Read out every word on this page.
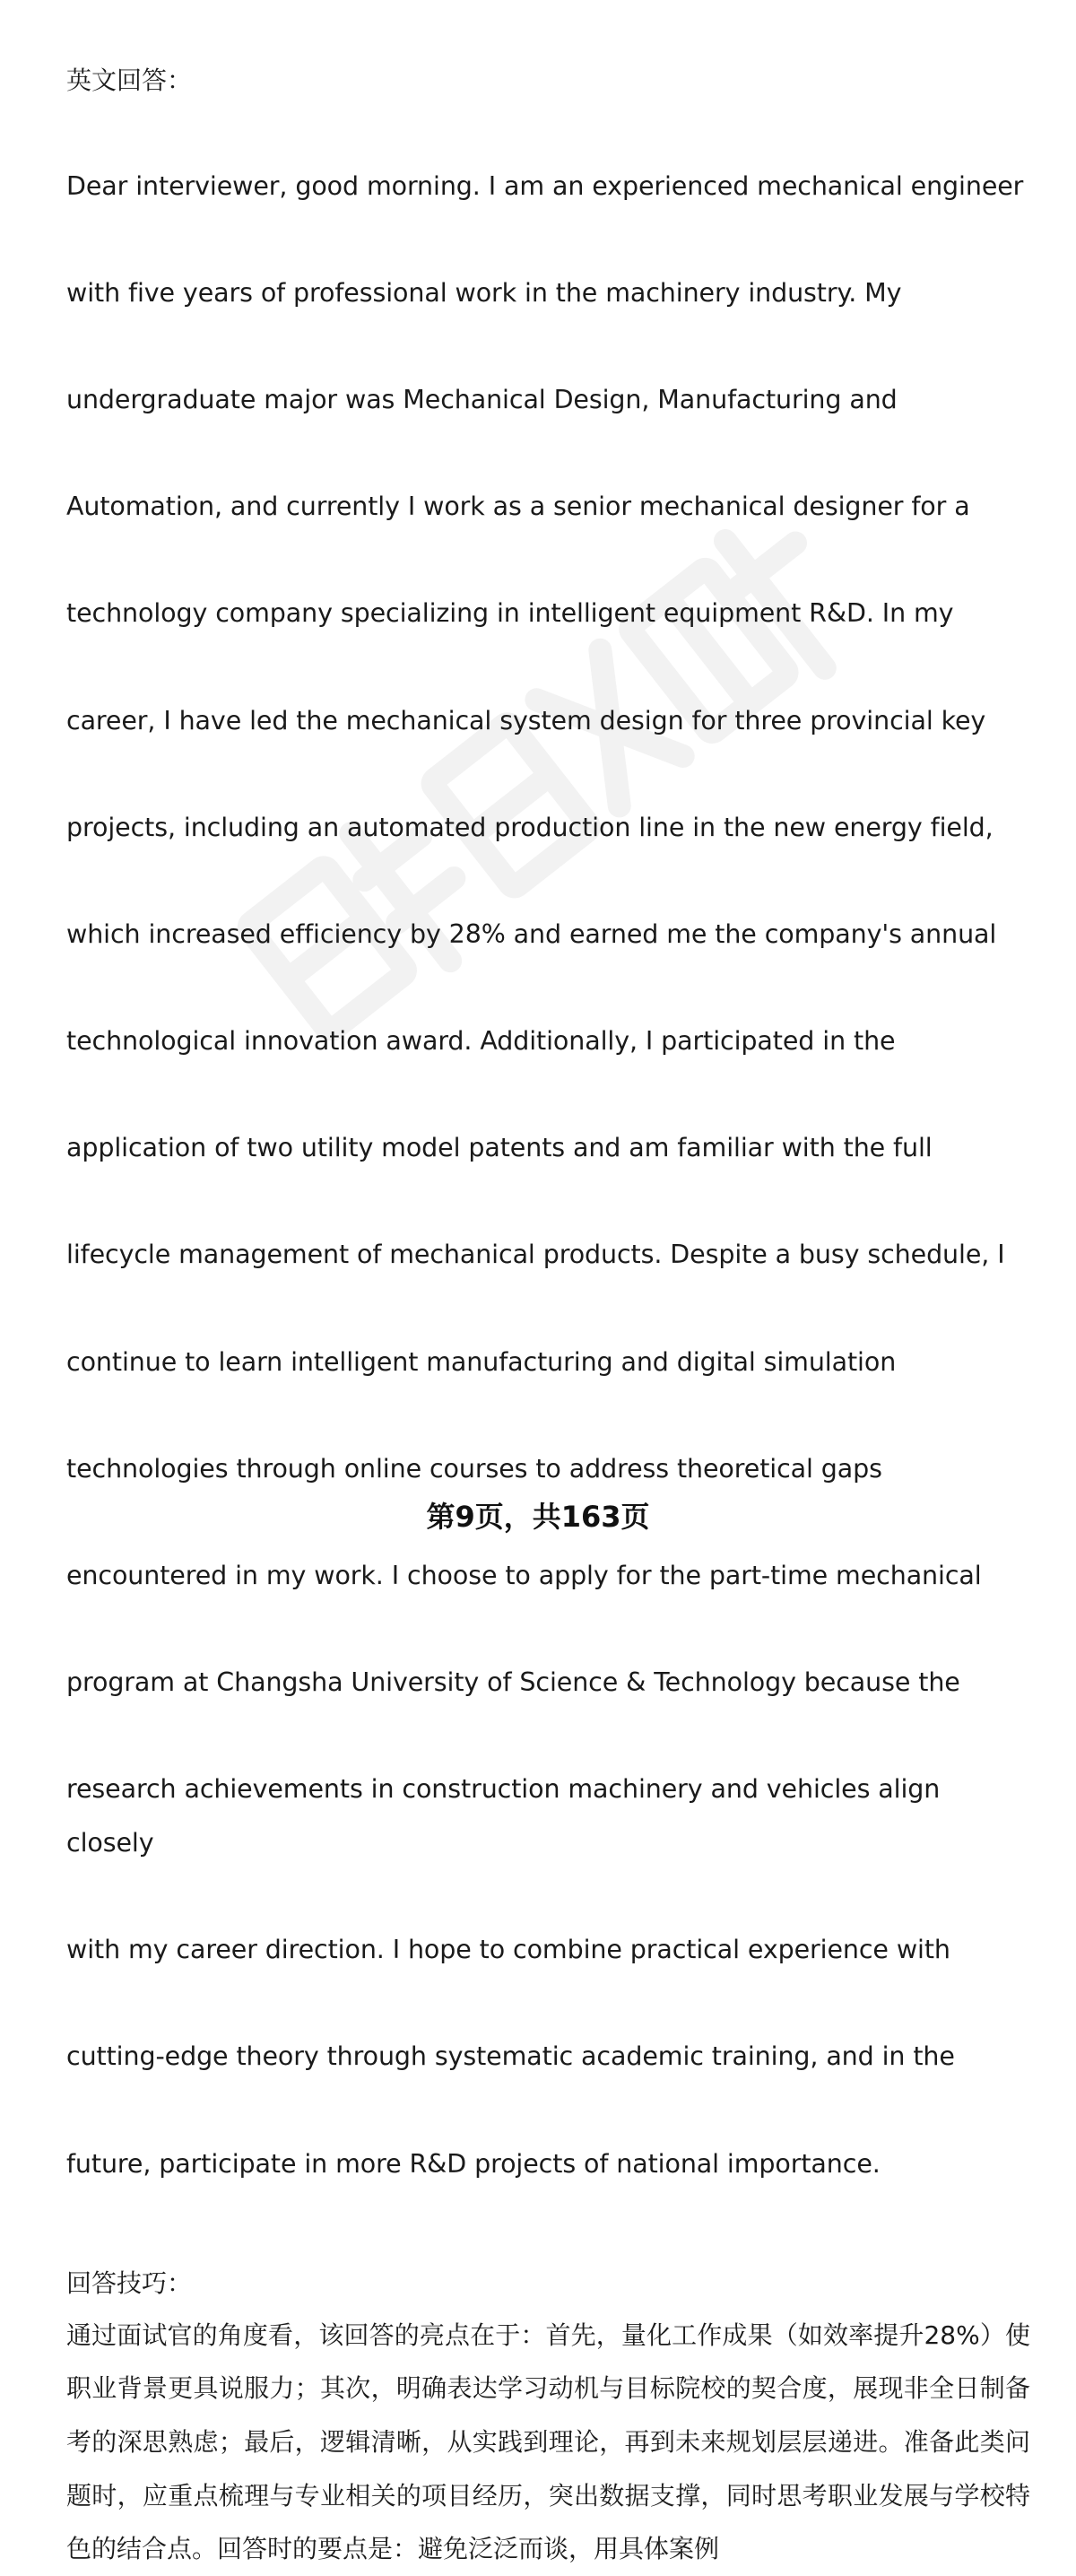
英文回答：

Dear interviewer, good morning. I am an experienced mechanical engineer

with five years of professional work in the machinery industry. My

undergraduate major was Mechanical Design, Manufacturing and

Automation, and currently I work as a senior mechanical designer for a

technology company specializing in intelligent equipment R&D. In my

career, I have led the mechanical system design for three provincial key

projects, including an automated production line in the new energy field,

which increased efficiency by 28% and earned me the company's annual

technological innovation award. Additionally, I participated in the

application of two utility model patents and am familiar with the full

lifecycle management of mechanical products. Despite a busy schedule, I

continue to learn intelligent manufacturing and digital simulation

technologies through online courses to address theoretical gaps

encountered in my work. I choose to apply for the part-time mechanical

program at Changsha University of Science & Technology because the

research achievements in construction machinery and vehicles align closely

with my career direction. I hope to combine practical experience with

cutting-edge theory through systematic academic training, and in the

future, participate in more R&D projects of national importance.

回答技巧：

通过面试官的角度看，该回答的亮点在于：首先，量化工作成果（如效率提升28%）使职业背景更具说服力；其次，明确表达学习动机与目标院校的契合度，展现非全日制备考的深思熟虑；最后，逻辑清晰，从实践到理论，再到未来规划层层递进。准备此类问题时，应重点梳理与专业相关的项目经历，突出数据支撑，同时思考职业发展与学校特色的结合点。回答时的要点是：避免泛泛而谈，用具体案例

第9页，共163页
